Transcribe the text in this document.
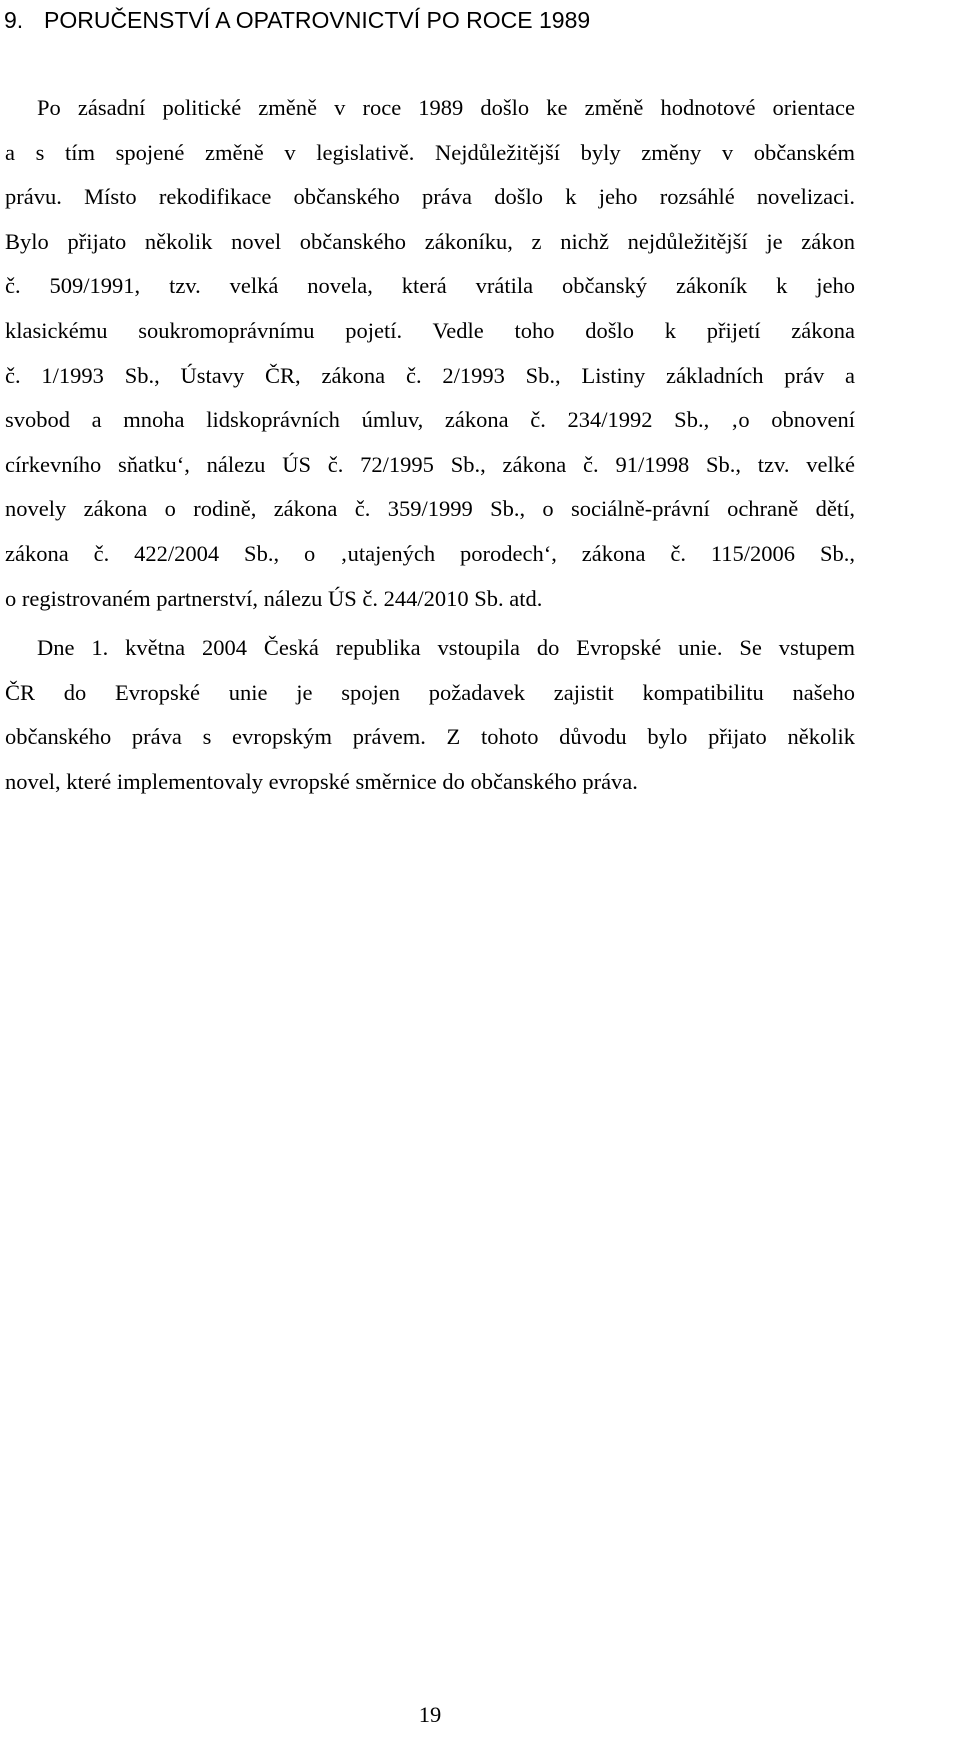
9. PORUČENSTVÍ A OPATROVNICTVÍ PO ROCE 1989
Po zásadní politické změně v roce 1989 došlo ke změně hodnotové orientace
a s tím spojené změně v legislativě. Nejdůležitější byly změny v občanském
právu. Místo rekodifikace občanského práva došlo k jeho rozsáhlé novelizaci.
Bylo přijato několik novel občanského zákoníku, z nichž nejdůležitější je zákon
č. 509/1991, tzv. velká novela, která vrátila občanský zákoník k jeho
klasickému soukromoprávnímu pojetí. Vedle toho došlo k přijetí zákona
č. 1/1993 Sb., Ústavy ČR, zákona č. 2/1993 Sb., Listiny základních práv a
svobod a mnoha lidskoprávních úmluv, zákona č. 234/1992 Sb., ‚o obnovení
církevního sňatku‘, nálezu ÚS č. 72/1995 Sb., zákona č. 91/1998 Sb., tzv. velké
novely zákona o rodině, zákona č. 359/1999 Sb., o sociálně-právní ochraně dětí,
zákona č. 422/2004 Sb., o ‚utajených porodech‘, zákona č. 115/2006 Sb.,
o registrovaném partnerství, nálezu ÚS č. 244/2010 Sb. atd.
Dne 1. května 2004 Česká republika vstoupila do Evropské unie. Se vstupem
ČR do Evropské unie je spojen požadavek zajistit kompatibilitu našeho
občanského práva s evropským právem. Z tohoto důvodu bylo přijato několik
novel, které implementovaly evropské směrnice do občanského práva.

19
